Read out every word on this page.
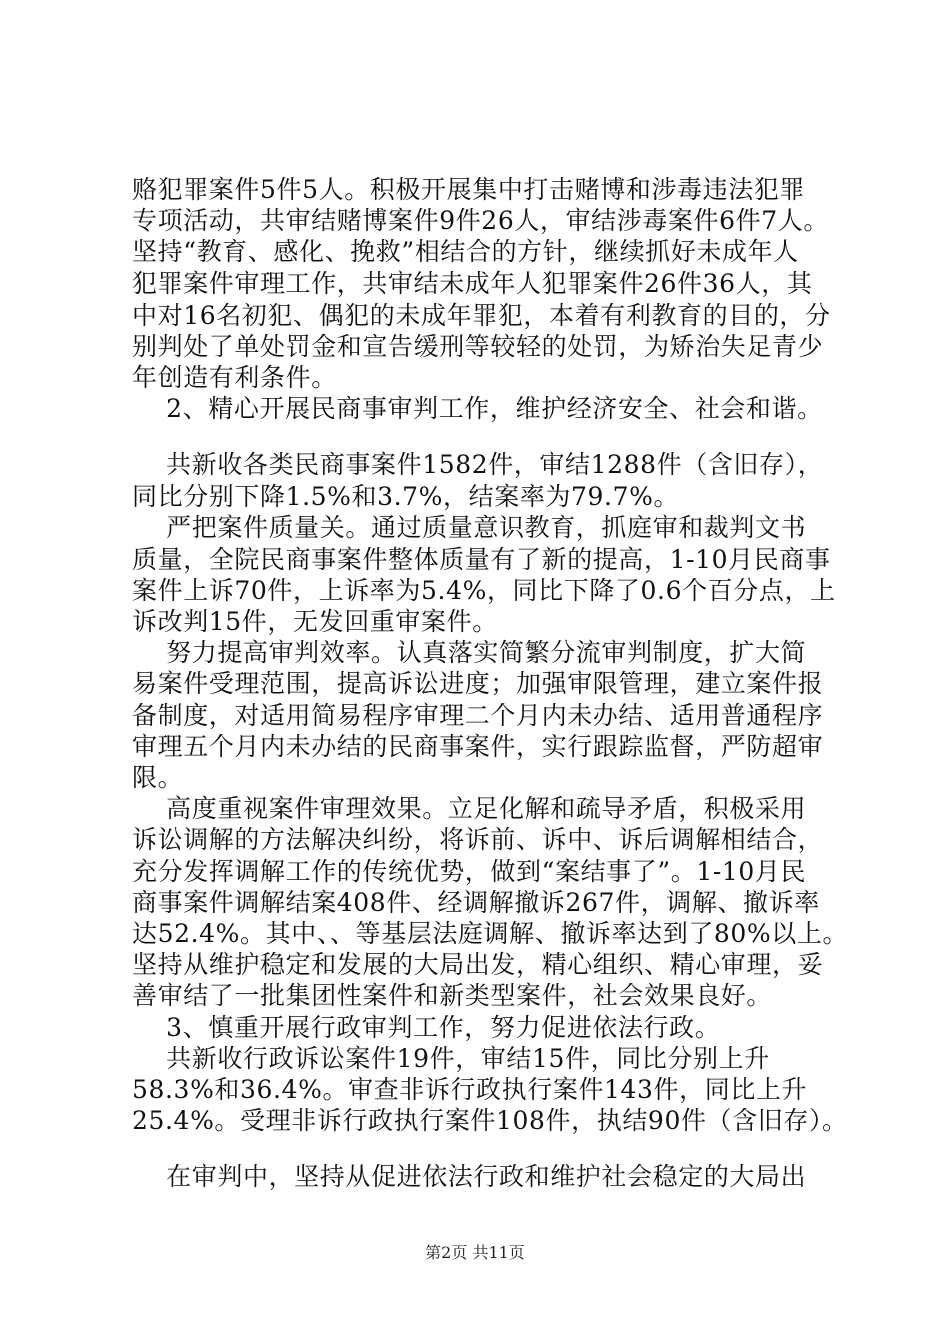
赂犯罪案件5件5人。积极开展集中打击赌博和涉毒违法犯罪
专项活动，共审结赌博案件9件26人，审结涉毒案件6件7人。
坚持“教育、感化、挽救”相结合的方针，继续抓好未成年人
犯罪案件审理工作，共审结未成年人犯罪案件26件36人，其
中对16名初犯、偶犯的未成年罪犯，本着有利教育的目的，分
别判处了单处罚金和宣告缓刑等较轻的处罚，为矫治失足青少
年创造有利条件。
2、精心开展民商事审判工作，维护经济安全、社会和谐。
共新收各类民商事案件1582件，审结1288件（含旧存），
同比分别下降1.5%和3.7%，结案率为79.7%。
严把案件质量关。通过质量意识教育，抓庭审和裁判文书
质量，全院民商事案件整体质量有了新的提高，1-10月民商事
案件上诉70件，上诉率为5.4%，同比下降了0.6个百分点，上
诉改判15件，无发回重审案件。
努力提高审判效率。认真落实简繁分流审判制度，扩大简
易案件受理范围，提高诉讼进度；加强审限管理，建立案件报
备制度，对适用简易程序审理二个月内未办结、适用普通程序
审理五个月内未办结的民商事案件，实行跟踪监督，严防超审
限。
高度重视案件审理效果。立足化解和疏导矛盾，积极采用
诉讼调解的方法解决纠纷，将诉前、诉中、诉后调解相结合，
充分发挥调解工作的传统优势，做到“案结事了”。1-10月民
商事案件调解结案408件、经调解撤诉267件，调解、撤诉率
达52.4%。其中、、等基层法庭调解、撤诉率达到了80%以上。
坚持从维护稳定和发展的大局出发，精心组织、精心审理，妥
善审结了一批集团性案件和新类型案件，社会效果良好。
3、慎重开展行政审判工作，努力促进依法行政。
共新收行政诉讼案件19件，审结15件，同比分别上升
58.3%和36.4%。审查非诉行政执行案件143件，同比上升
25.4%。受理非诉行政执行案件108件，执结90件（含旧存）。
在审判中，坚持从促进依法行政和维护社会稳定的大局出
第2页 共11页
